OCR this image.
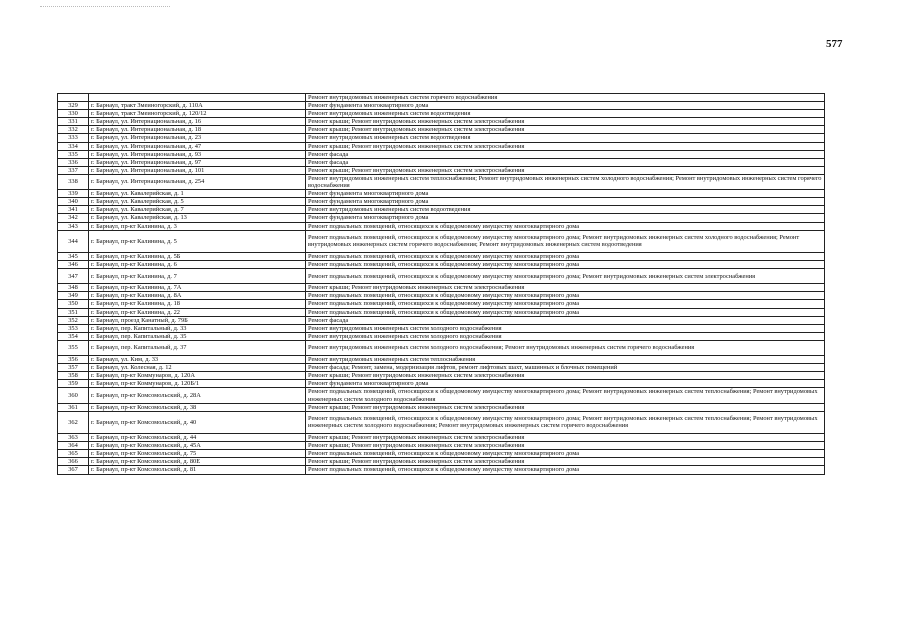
577
		Ремонт внутридомовых инженерных систем горячего водоснабжения
329	г. Барнаул, тракт Змеиногорский, д. 110А	Ремонт фундамента многоквартирного дома
330	г. Барнаул, тракт Змеиногорский, д. 120/12	Ремонт внутридомовых инженерных систем водоотведения
331	г. Барнаул, ул. Интернациональная, д. 16	Ремонт крыши; Ремонт внутридомовых инженерных систем электроснабжения
332	г. Барнаул, ул. Интернациональная, д. 18	Ремонт крыши; Ремонт внутридомовых инженерных систем электроснабжения
333	г. Барнаул, ул. Интернациональная, д. 23	Ремонт внутридомовых инженерных систем водоотведения
334	г. Барнаул, ул. Интернациональная, д. 47	Ремонт крыши; Ремонт внутридомовых инженерных систем электроснабжения
335	г. Барнаул, ул. Интернациональная, д. 93	Ремонт фасада
336	г. Барнаул, ул. Интернациональная, д. 97	Ремонт фасада
337	г. Барнаул, ул. Интернациональная, д. 101	Ремонт крыши; Ремонт внутридомовых инженерных систем электроснабжения
338	г. Барнаул, ул. Интернациональная, д. 254	Ремонт внутридомовых инженерных систем теплоснабжения; Ремонт внутридомовых инженерных систем холодного водоснабжения; Ремонт внутридомовых инженерных систем горячего водоснабжения
339	г. Барнаул, ул. Кавалерийская, д. 1	Ремонт фундамента многоквартирного дома
340	г. Барнаул, ул. Кавалерийская, д. 5	Ремонт фундамента многоквартирного дома
341	г. Барнаул, ул. Кавалерийская, д. 7	Ремонт внутридомовых инженерных систем водоотведения
342	г. Барнаул, ул. Кавалерийская, д. 13	Ремонт фундамента многоквартирного дома
343	г. Барнаул, пр-кт Калинина, д. 3	Ремонт подвальных помещений, относящихся к общедомовому имуществу многоквартирного дома
344	г. Барнаул, пр-кт Калинина, д. 5	Ремонт подвальных помещений, относящихся к общедомовому имуществу многоквартирного дома; Ремонт внутридомовых инженерных систем холодного водоснабжения; Ремонт внутридомовых инженерных систем горячего водоснабжения; Ремонт внутридомовых инженерных систем водоотведения
345	г. Барнаул, пр-кт Калинина, д. 5Б	Ремонт подвальных помещений, относящихся к общедомовому имуществу многоквартирного дома
346	г. Барнаул, пр-кт Калинина, д. 6	Ремонт подвальных помещений, относящихся к общедомовому имуществу многоквартирного дома
347	г. Барнаул, пр-кт Калинина, д. 7	Ремонт подвальных помещений, относящихся к общедомовому имуществу многоквартирного дома; Ремонт внутридомовых инженерных систем электроснабжения
348	г. Барнаул, пр-кт Калинина, д. 7А	Ремонт крыши; Ремонт внутридомовых инженерных систем электроснабжения
349	г. Барнаул, пр-кт Калинина, д. 8А	Ремонт подвальных помещений, относящихся к общедомовому имуществу многоквартирного дома
350	г. Барнаул, пр-кт Калинина, д. 18	Ремонт подвальных помещений, относящихся к общедомовому имуществу многоквартирного дома
351	г. Барнаул, пр-кт Калинина, д. 22	Ремонт подвальных помещений, относящихся к общедомовому имуществу многоквартирного дома
352	г. Барнаул, проезд Канатный, д. 79Б	Ремонт фасада
353	г. Барнаул, пер. Капитальный, д. 33	Ремонт внутридомовых инженерных систем холодного водоснабжения
354	г. Барнаул, пер. Капитальный, д. 35	Ремонт внутридомовых инженерных систем холодного водоснабжения
355	г. Барнаул, пер. Капитальный, д. 37	Ремонт внутридомовых инженерных систем холодного водоснабжения; Ремонт внутридомовых инженерных систем горячего водоснабжения
356	г. Барнаул, ул. Ким, д. 33	Ремонт внутридомовых инженерных систем теплоснабжения
357	г. Барнаул, ул. Колесная, д. 12	Ремонт фасада; Ремонт, замена, модернизация лифтов, ремонт лифтовых шахт, машинных и блочных помещений
358	г. Барнаул, пр-кт Коммунаров, д. 120А	Ремонт крыши; Ремонт внутридомовых инженерных систем электроснабжения
359	г. Барнаул, пр-кт Коммунаров, д. 120Б/1	Ремонт фундамента многоквартирного дома
360	г. Барнаул, пр-кт Комсомольский, д. 28А	Ремонт подвальных помещений, относящихся к общедомовому имуществу многоквартирного дома; Ремонт внутридомовых инженерных систем теплоснабжения; Ремонт внутридомовых инженерных систем холодного водоснабжения
361	г. Барнаул, пр-кт Комсомольский, д. 38	Ремонт крыши; Ремонт внутридомовых инженерных систем электроснабжения
362	г. Барнаул, пр-кт Комсомольский, д. 40	Ремонт подвальных помещений, относящихся к общедомовому имуществу многоквартирного дома; Ремонт внутридомовых инженерных систем теплоснабжения; Ремонт внутридомовых инженерных систем холодного водоснабжения; Ремонт внутридомовых инженерных систем горячего водоснабжения
363	г. Барнаул, пр-кт Комсомольский, д. 44	Ремонт крыши; Ремонт внутридомовых инженерных систем электроснабжения
364	г. Барнаул, пр-кт Комсомольский, д. 45А	Ремонт крыши; Ремонт внутридомовых инженерных систем электроснабжения
365	г. Барнаул, пр-кт Комсомольский, д. 75	Ремонт подвальных помещений, относящихся к общедомовому имуществу многоквартирного дома
366	г. Барнаул, пр-кт Комсомольский, д. 80Е	Ремонт крыши; Ремонт внутридомовых инженерных систем электроснабжения
367	г. Барнаул, пр-кт Комсомольский, д. 81	Ремонт подвальных помещений, относящихся к общедомовому имуществу многоквартирного дома
